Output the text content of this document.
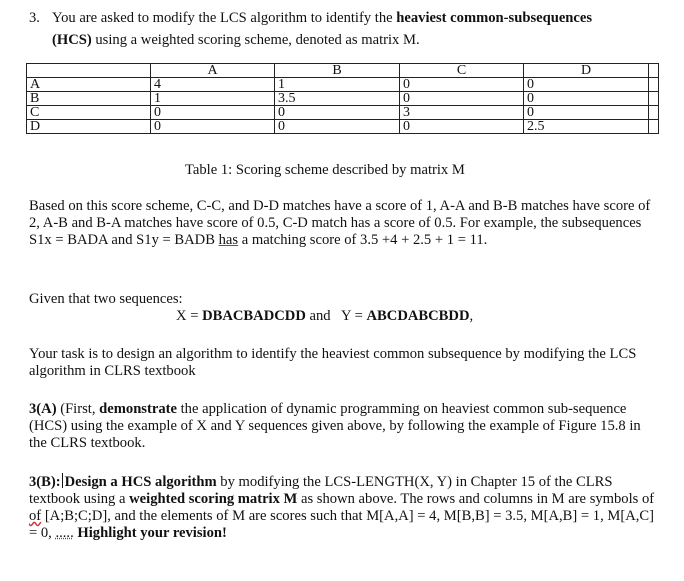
3. You are asked to modify the LCS algorithm to identify the heaviest common-subsequences
(HCS) using a weighted scoring scheme, denoted as matrix M.
	A	B	C	D	
A	4	1	0	0	
B	1	3.5	0	0	
C	0	0	3	0	
D	0	0	0	2.5	
Table 1: Scoring scheme described by matrix M
Based on this score scheme, C-C, and D-D matches have a score of 1, A-A and B-B matches have score of 2, A-B and B-A matches have score of 0.5, C-D match has a score of 0.5. For example, the subsequences S1x = BADA and S1y = BADB has a matching score of 3.5 +4 + 2.5 + 1 = 11.
Given that two sequences:
X = DBACBADCDD and   Y = ABCDABCBDD,
Your task is to design an algorithm to identify the heaviest common subsequence by modifying the LCS algorithm in CLRS textbook
3(A) (First, demonstrate the application of dynamic programming on heaviest common sub-sequence (HCS) using the example of X and Y sequences given above, by following the example of Figure 15.8 in the CLRS textbook.
3(B): Design a HCS algorithm by modifying the LCS-LENGTH(X, Y) in Chapter 15 of the CLRS textbook using a weighted scoring matrix M as shown above. The rows and columns in M are symbols of of [A;B;C;D], and the elements of M are scores such that M[A,A] = 4, M[B,B] = 3.5, M[A,B] = 1, M[A,C] = 0, ..... Highlight your revision!
